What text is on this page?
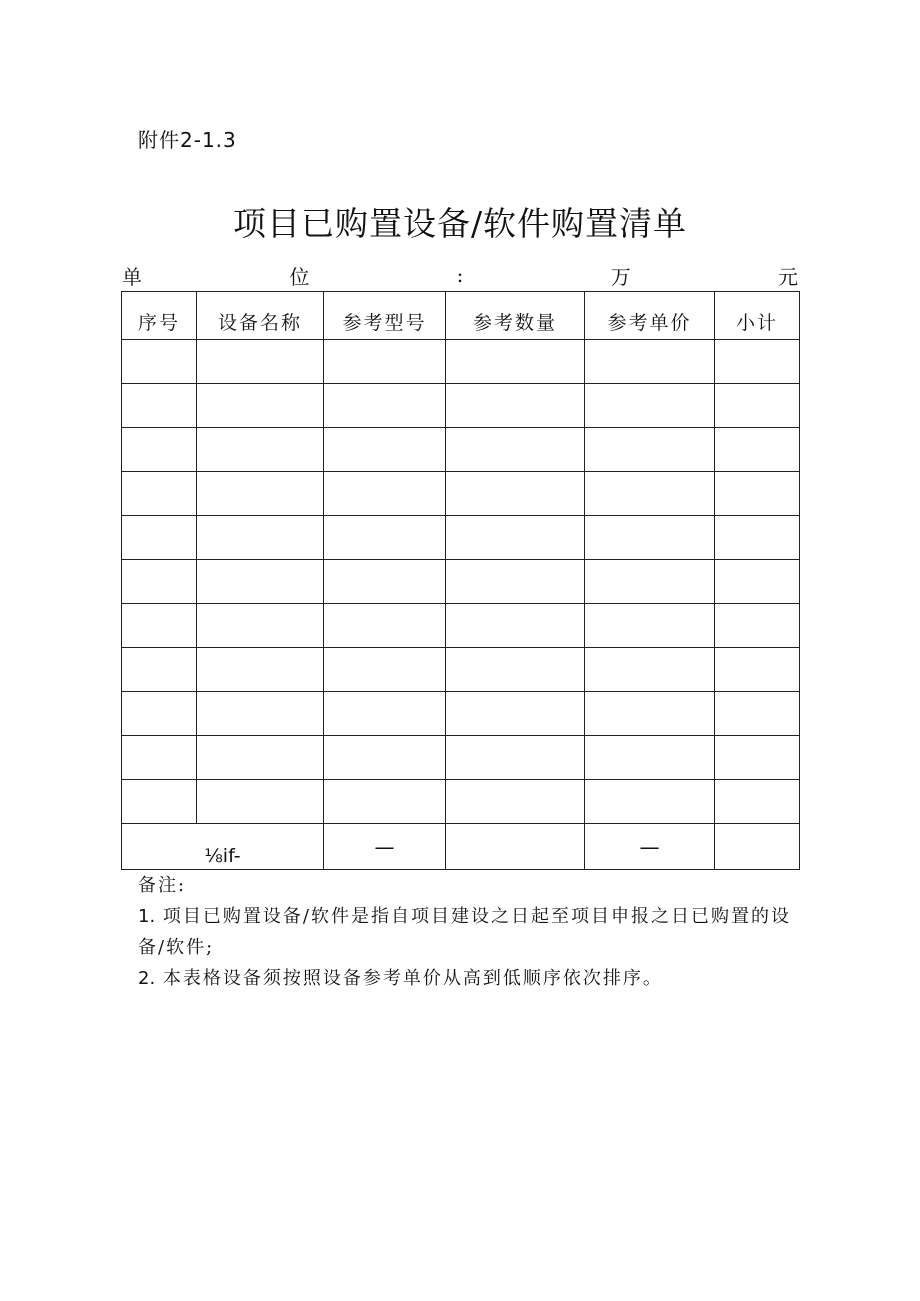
附件2-1.3
项目已购置设备/软件购置清单
单	位	:	万	元
序号	设备名称	参考型号	参考数量	参考单价	小计

⅛if-		—		—	

备注:

1. 项目已购置设备/软件是指自项目建设之日起至项目申报之日已购置的设备/软件;

2. 本表格设备须按照设备参考单价从高到低顺序依次排序。
